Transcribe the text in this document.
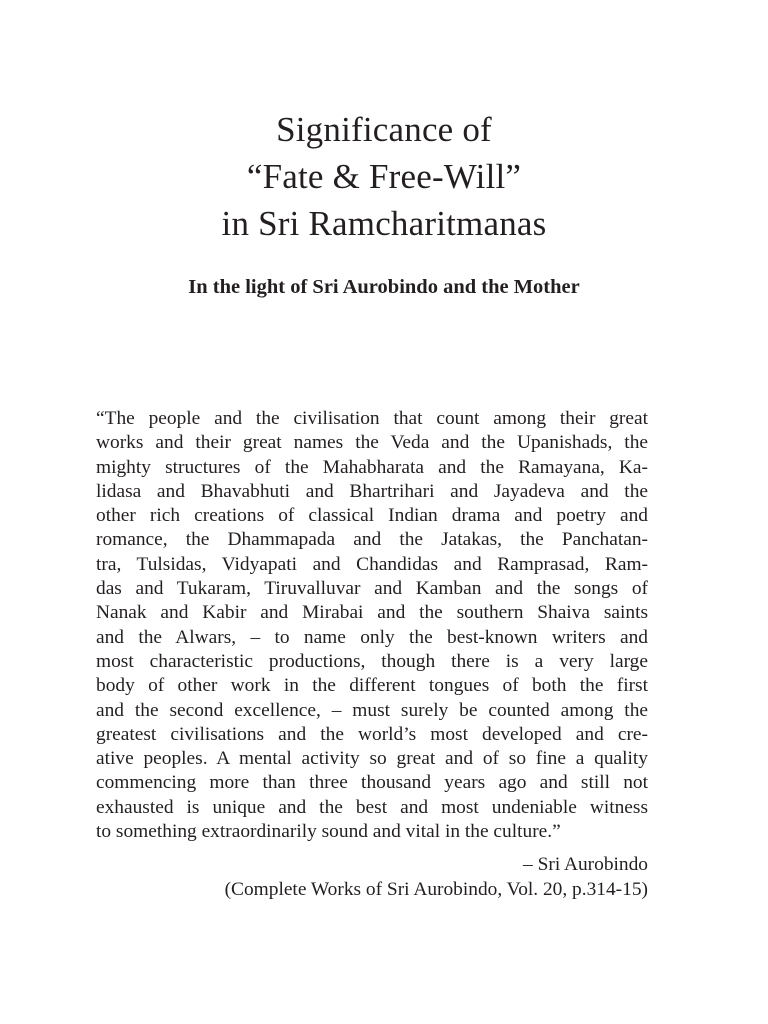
Significance of
“Fate & Free-Will”
in Sri Ramcharitmanas
In the light of Sri Aurobindo and the Mother
“The people and the civilisation that count among their great
works and their great names the Veda and the Upanishads, the
mighty structures of the Mahabharata and the Ramayana, Ka-
lidasa and Bhavabhuti and Bhartrihari and Jayadeva and the
other rich creations of classical Indian drama and poetry and
romance, the Dhammapada and the Jatakas, the Panchatan-
tra, Tulsidas, Vidyapati and Chandidas and Ramprasad, Ram-
das and Tukaram, Tiruvalluvar and Kamban and the songs of
Nanak and Kabir and Mirabai and the southern Shaiva saints
and the Alwars, – to name only the best-known writers and
most characteristic productions, though there is a very large
body of other work in the different tongues of both the first
and the second excellence, – must surely be counted among the
greatest civilisations and the world’s most developed and cre-
ative peoples. A mental activity so great and of so fine a quality
commencing more than three thousand years ago and still not
exhausted is unique and the best and most undeniable witness
to something extraordinarily sound and vital in the culture.”
– Sri Aurobindo
(Complete Works of Sri Aurobindo, Vol. 20, p.314-15)
